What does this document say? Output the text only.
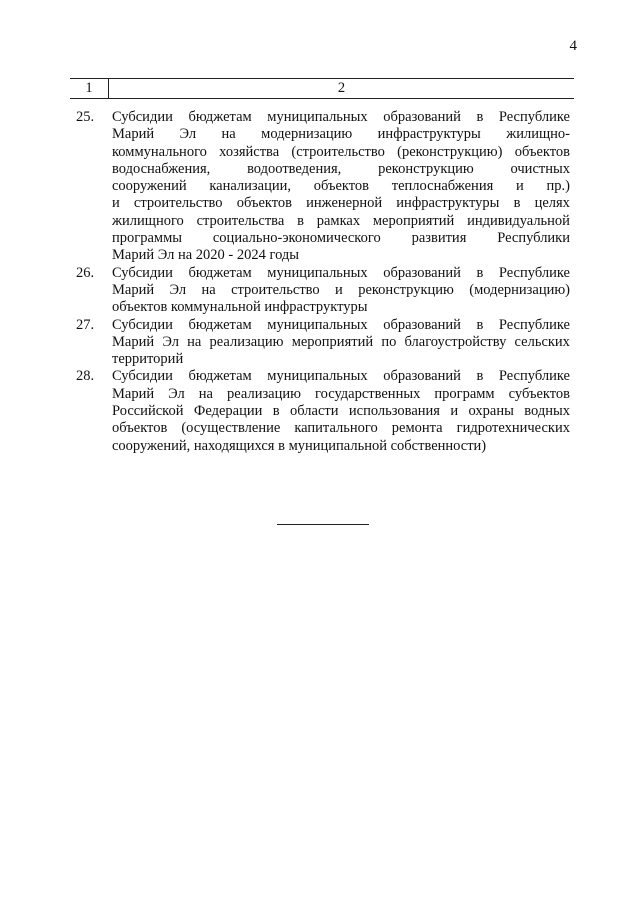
4
1	2
25.	Субсидии бюджетам муниципальных образований в Республике
Марий Эл на модернизацию инфраструктуры жилищно-
коммунального хозяйства (строительство (реконструкцию) объектов
водоснабжения,	водоотведения,	реконструкцию	очистных
сооружений канализации, объектов теплоснабжения и пр.)
и строительство объектов инженерной инфраструктуры в целях
жилищного строительства в рамках мероприятий индивидуальной
программы социально-экономического развития Республики
Марий Эл на 2020 - 2024 годы
26.	Субсидии бюджетам муниципальных образований в Республике
Марий Эл на строительство и реконструкцию (модернизацию)
объектов коммунальной инфраструктуры
27.	Субсидии бюджетам муниципальных образований в Республике
Марий Эл на реализацию мероприятий по благоустройству сельских
территорий
28.	Субсидии бюджетам муниципальных образований в Республике
Марий Эл на реализацию государственных программ субъектов
Российской Федерации в области использования и охраны водных
объектов (осуществление капитального ремонта гидротехнических
сооружений, находящихся в муниципальной собственности)
